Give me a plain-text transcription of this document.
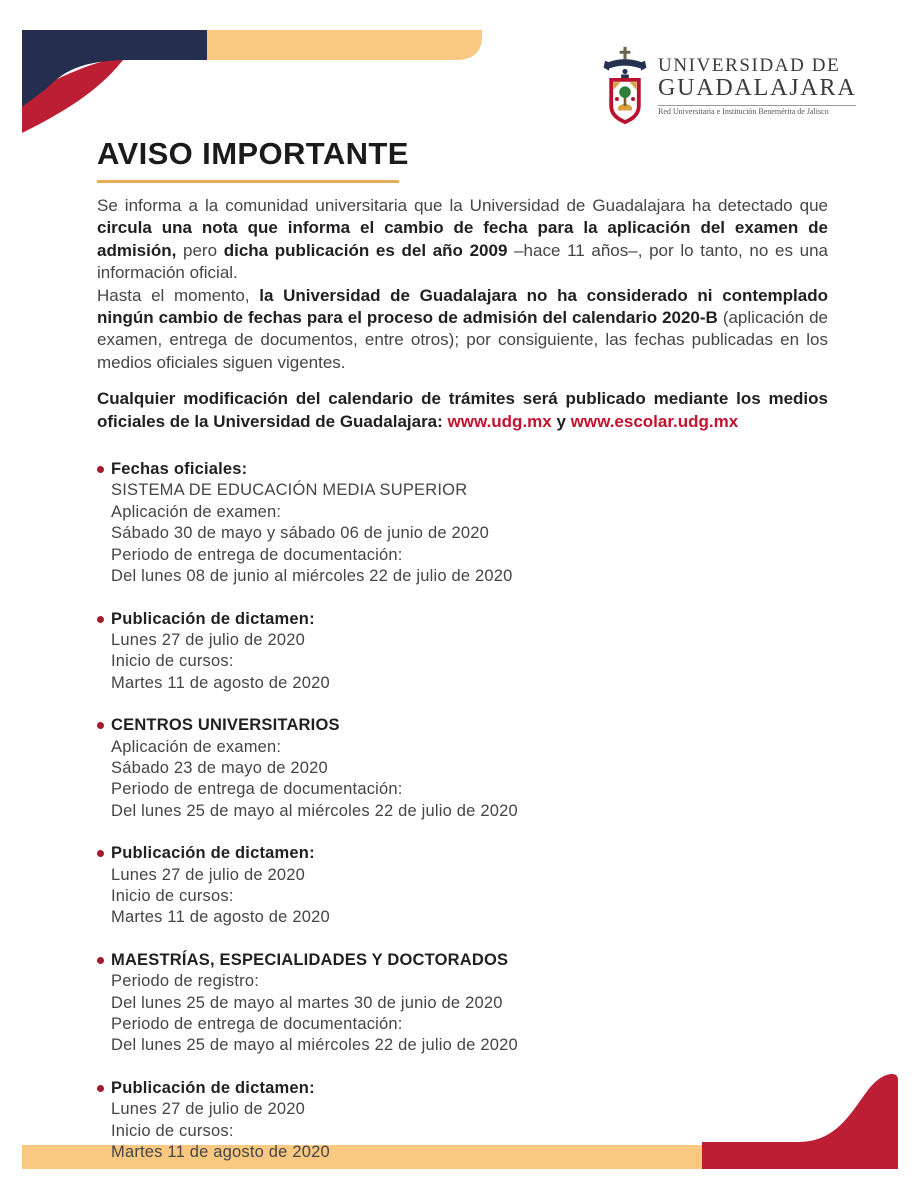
UNIVERSIDAD DE
GUADALAJARA
Red Universitaria e Institución Benemérita de Jalisco
AVISO IMPORTANTE

Se informa a la comunidad universitaria que la Universidad de Guadalajara ha detectado que circula una nota que informa el cambio de fecha para la aplicación del examen de admisión, pero dicha publicación es del año 2009 –hace 11 años–, por lo tanto, no es una información oficial.

Hasta el momento, la Universidad de Guadalajara no ha considerado ni contemplado ningún cambio de fechas para el proceso de admisión del calendario 2020-B (aplicación de examen, entrega de documentos, entre otros); por consiguiente, las fechas publicadas en los medios oficiales siguen vigentes.

Cualquier modificación del calendario de trámites será publicado mediante los medios oficiales de la Universidad de Guadalajara: www.udg.mx y www.escolar.udg.mx

Fechas oficiales:
SISTEMA DE EDUCACIÓN MEDIA SUPERIOR
Aplicación de examen:
Sábado 30 de mayo y sábado 06 de junio de 2020
Periodo de entrega de documentación:
Del lunes 08 de junio al miércoles 22 de julio de 2020
Publicación de dictamen:
Lunes 27 de julio de 2020
Inicio de cursos:
Martes 11 de agosto de 2020
CENTROS UNIVERSITARIOS
Aplicación de examen:
Sábado 23 de mayo de 2020
Periodo de entrega de documentación:
Del lunes 25 de mayo al miércoles 22 de julio de 2020
Publicación de dictamen:
Lunes 27 de julio de 2020
Inicio de cursos:
Martes 11 de agosto de 2020
MAESTRÍAS, ESPECIALIDADES Y DOCTORADOS
Periodo de registro:
Del lunes 25 de mayo al martes 30 de junio de 2020
Periodo de entrega de documentación:
Del lunes 25 de mayo al miércoles 22 de julio de 2020
Publicación de dictamen:
Lunes 27 de julio de 2020
Inicio de cursos:
Martes 11 de agosto de 2020
